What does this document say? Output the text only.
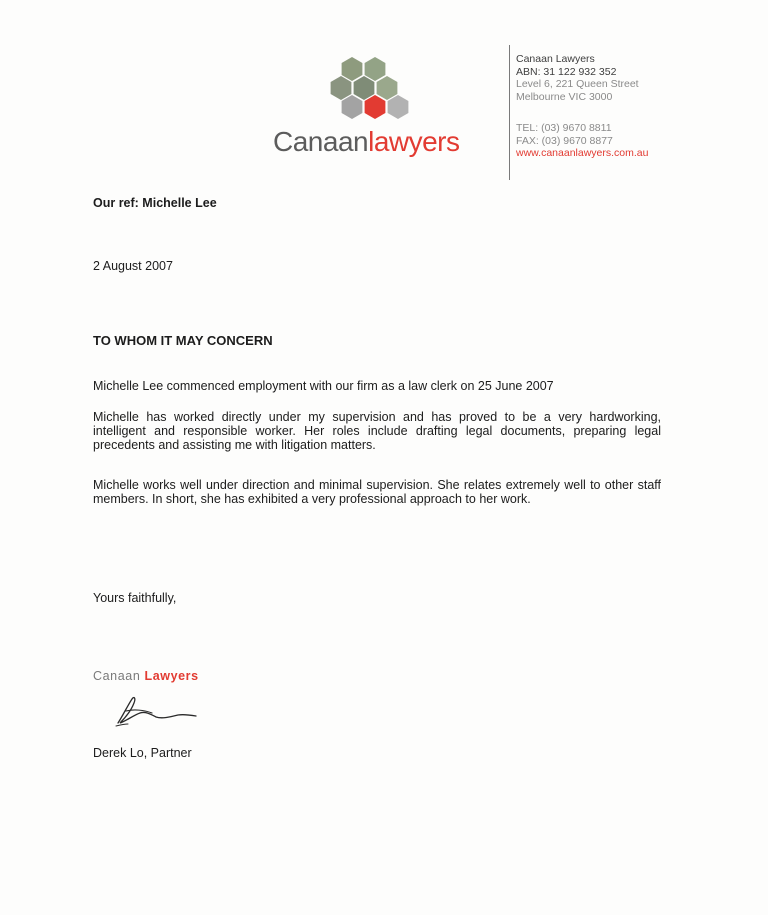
Canaanlawyers
Canaan Lawyers
ABN: 31 122 932 352
Level 6, 221 Queen Street
Melbourne VIC 3000
TEL: (03) 9670 8811
FAX: (03) 9670 8877
www.canaanlawyers.com.au
Our ref: Michelle Lee
2 August 2007
TO WHOM IT MAY CONCERN
Michelle Lee commenced employment with our firm as a law clerk on 25 June 2007
Michelle has worked directly under my supervision and has proved to be a very hardworking, intelligent and responsible worker. Her roles include drafting legal documents, preparing legal precedents and assisting me with litigation matters.
Michelle works well under direction and minimal supervision. She relates extremely well to other staff members. In short, she has exhibited a very professional approach to her work.
Yours faithfully,
Canaan Lawyers
Derek Lo, Partner
